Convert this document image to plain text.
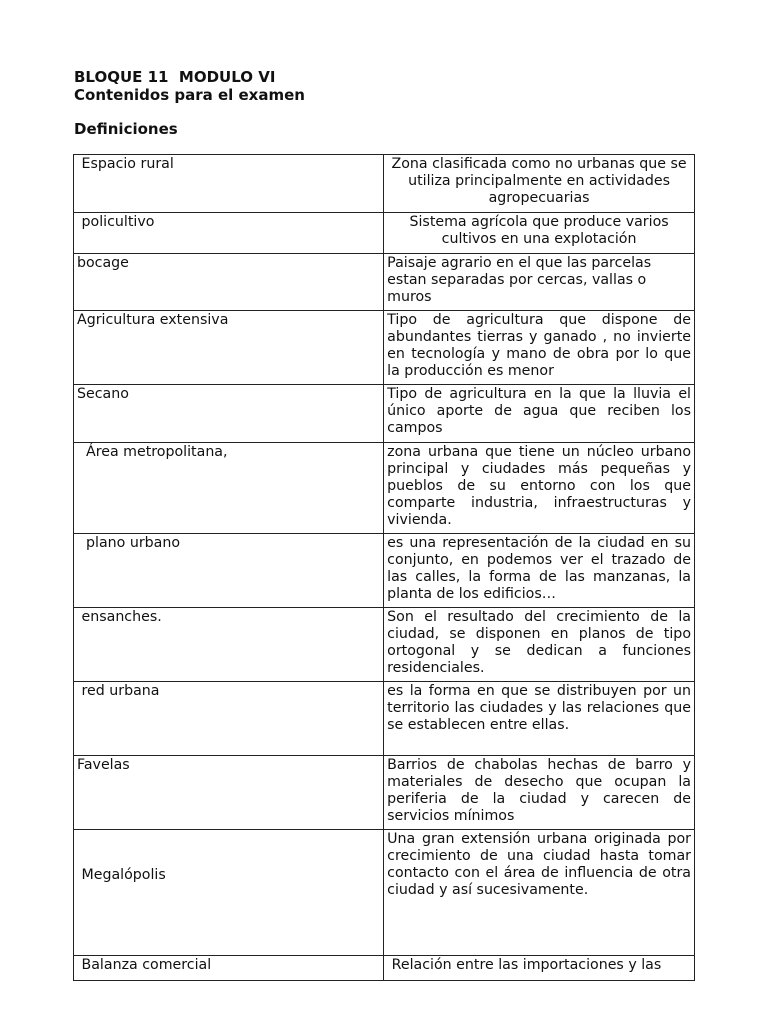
BLOQUE 11  MODULO VI
Contenidos para el examen
Definiciones
Espacio rural	Zona clasificada como no urbanas que se utiliza principalmente en actividades agropecuarias
policultivo	Sistema agrícola que produce varios cultivos en una explotación
bocage	Paisaje agrario en el que las parcelas estan separadas por cercas, vallas o muros
Agricultura extensiva	Tipo de agricultura que dispone de abundantes tierras y ganado , no invierte en tecnología y mano de obra por lo que la producción es menor
Secano	Tipo de agricultura en la que la lluvia el único aporte de agua que reciben los campos
Área metropolitana,	zona urbana que tiene un núcleo urbano principal y ciudades más pequeñas y pueblos de su entorno con los que comparte industria, infraestructuras y vivienda.
plano urbano	es una representación de la ciudad en su conjunto, en podemos ver el trazado de las calles, la forma de las manzanas, la planta de los edificios…
ensanches.	Son el resultado del crecimiento de la ciudad, se disponen en planos de tipo ortogonal y se dedican a funciones residenciales.
red urbana	es la forma en que se distribuyen por un territorio las ciudades y las relaciones que se establecen entre ellas.
Favelas	Barrios de chabolas hechas de barro y materiales de desecho que ocupan la periferia de la ciudad y carecen de servicios mínimos
Megalópolis	Una gran extensión urbana originada por crecimiento de una ciudad hasta tomar contacto con el área de influencia de otra ciudad y así sucesivamente.
Balanza comercial	Relación entre las importaciones y las
